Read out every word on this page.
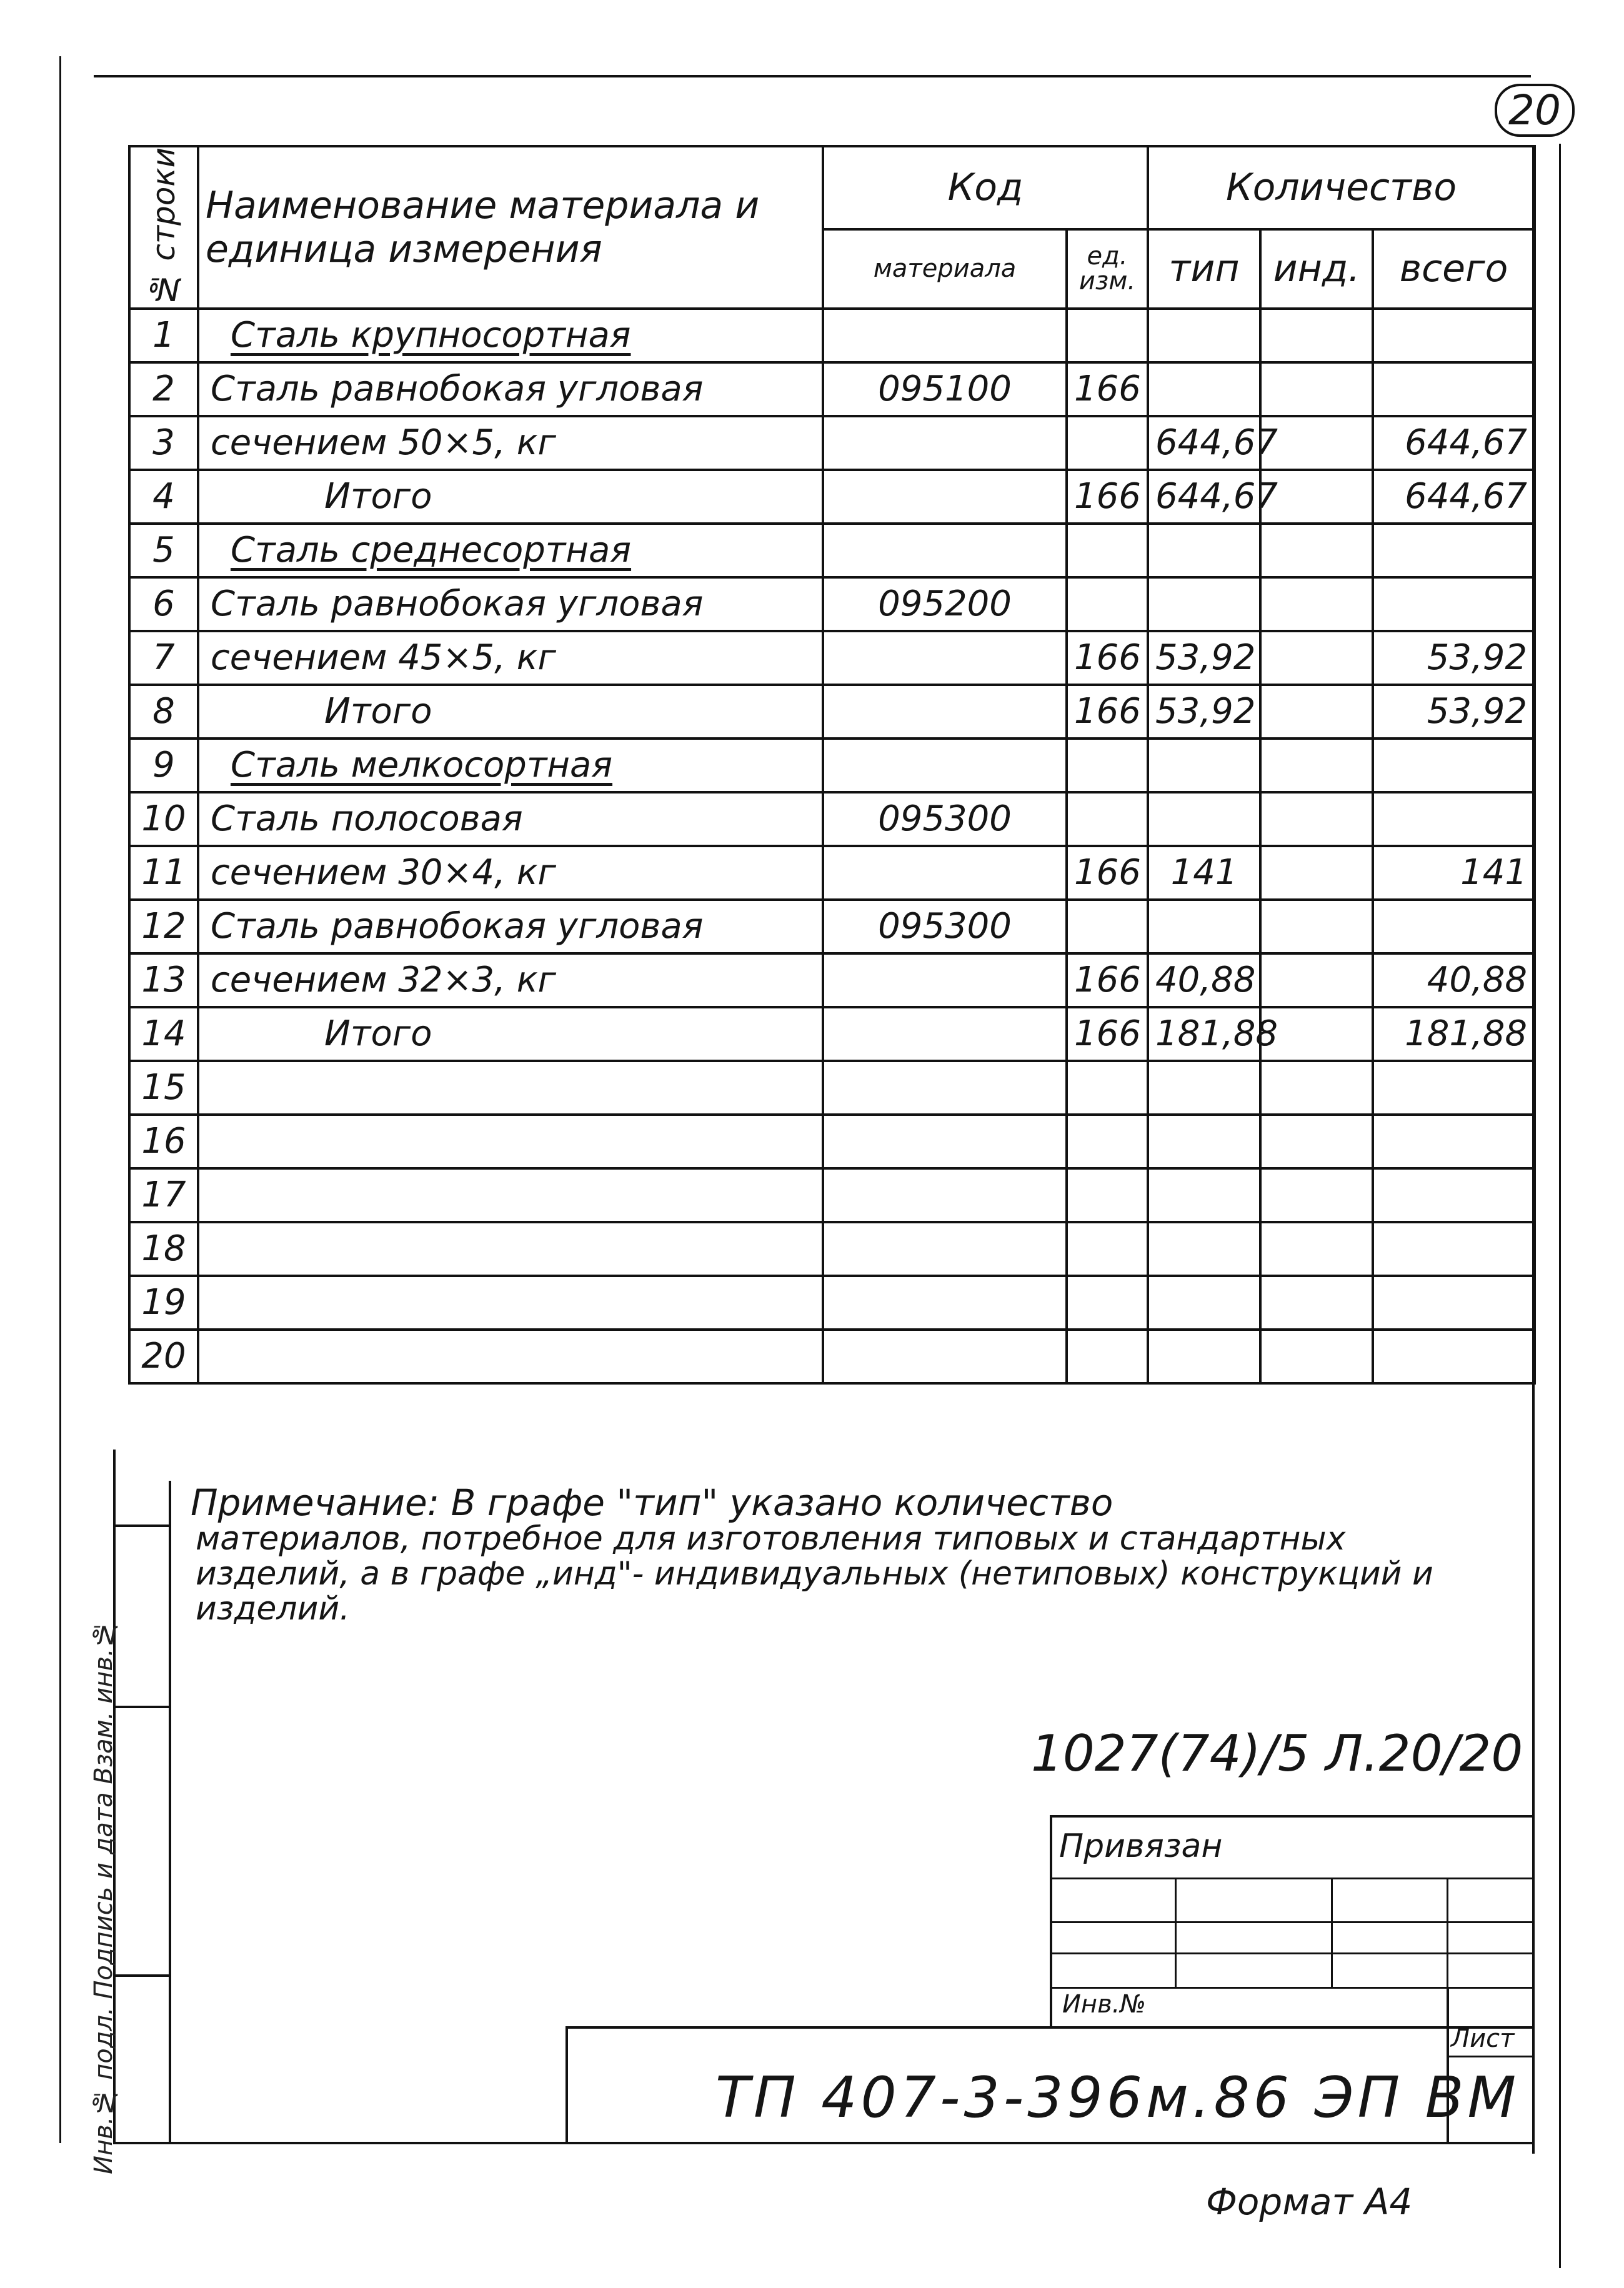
20
№ строки	Наименование материала и единица измерения	Код		Количество		
		материала	ед. изм.	тип	инд.	всего
1	Сталь крупносортная					
2	Сталь равнобокая угловая	095100	166			
3	сечением 50×5, кг			644,67		644,67
4	Итого		166	644,67		644,67
5	Сталь среднесортная					
6	Сталь равнобокая угловая	095200				
7	сечением 45×5, кг		166	53,92		53,92
8	Итого		166	53,92		53,92
9	Сталь мелкосортная					
10	Сталь полосовая	095300				
11	сечением 30×4, кг		166	141		141
12	Сталь равнобокая угловая	095300				
13	сечением 32×3, кг		166	40,88		40,88
14	Итого		166	181,88		181,88
15						
16						
17						
18						
19						
20						
Примечание: В графе "тип" указано количество
материалов, потребное для изготовления типовых и стандартных изделий, а в графе „инд"- индивидуальных (нетиповых) конструкций и изделий.
1027(74)/5 Л.20/20
Привязан
Инв.№
Лист
ТП 407-3-396м.86 ЭП ВМ
Инв.№ подл. Подпись и дата Взам. инв.№
Формат А4
